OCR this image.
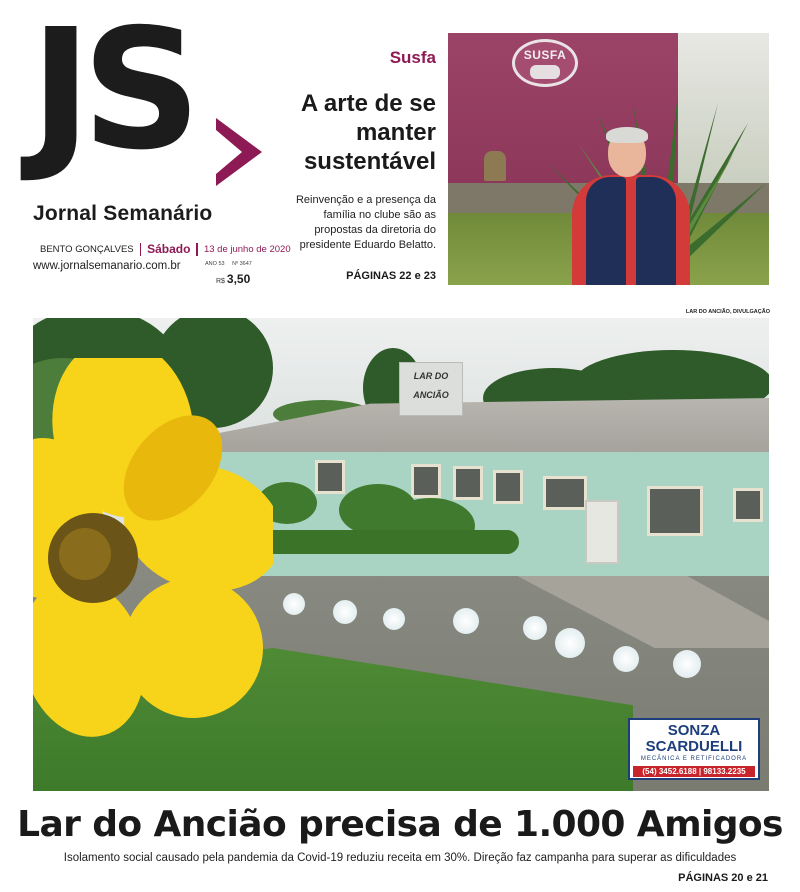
JS
Jornal Semanário
BENTO GONÇALVES Sábado 13 de junho de 2020
www.jornalsemanario.com.br	ANO 53 Nº 3647
R$ 3,50
Susfa
A arte de se manter sustentável
Reinvenção e a presença da família no clube são as propostas da diretoria do presidente Eduardo Belatto.
PÁGINAS 22 e 23
SUSFA
LAR DO ANCIÃO, DIVULGAÇÃO
LAR DO
ANCIÃO
SONZA
SCARDUELLI
MECÂNICA E RETIFICADORA
(54) 3452.6188 | 98133.2235
Lar do Ancião precisa de 1.000 Amigos
Isolamento social causado pela pandemia da Covid-19 reduziu receita em 30%. Direção faz campanha para superar as dificuldades
PÁGINAS 20 e 21
